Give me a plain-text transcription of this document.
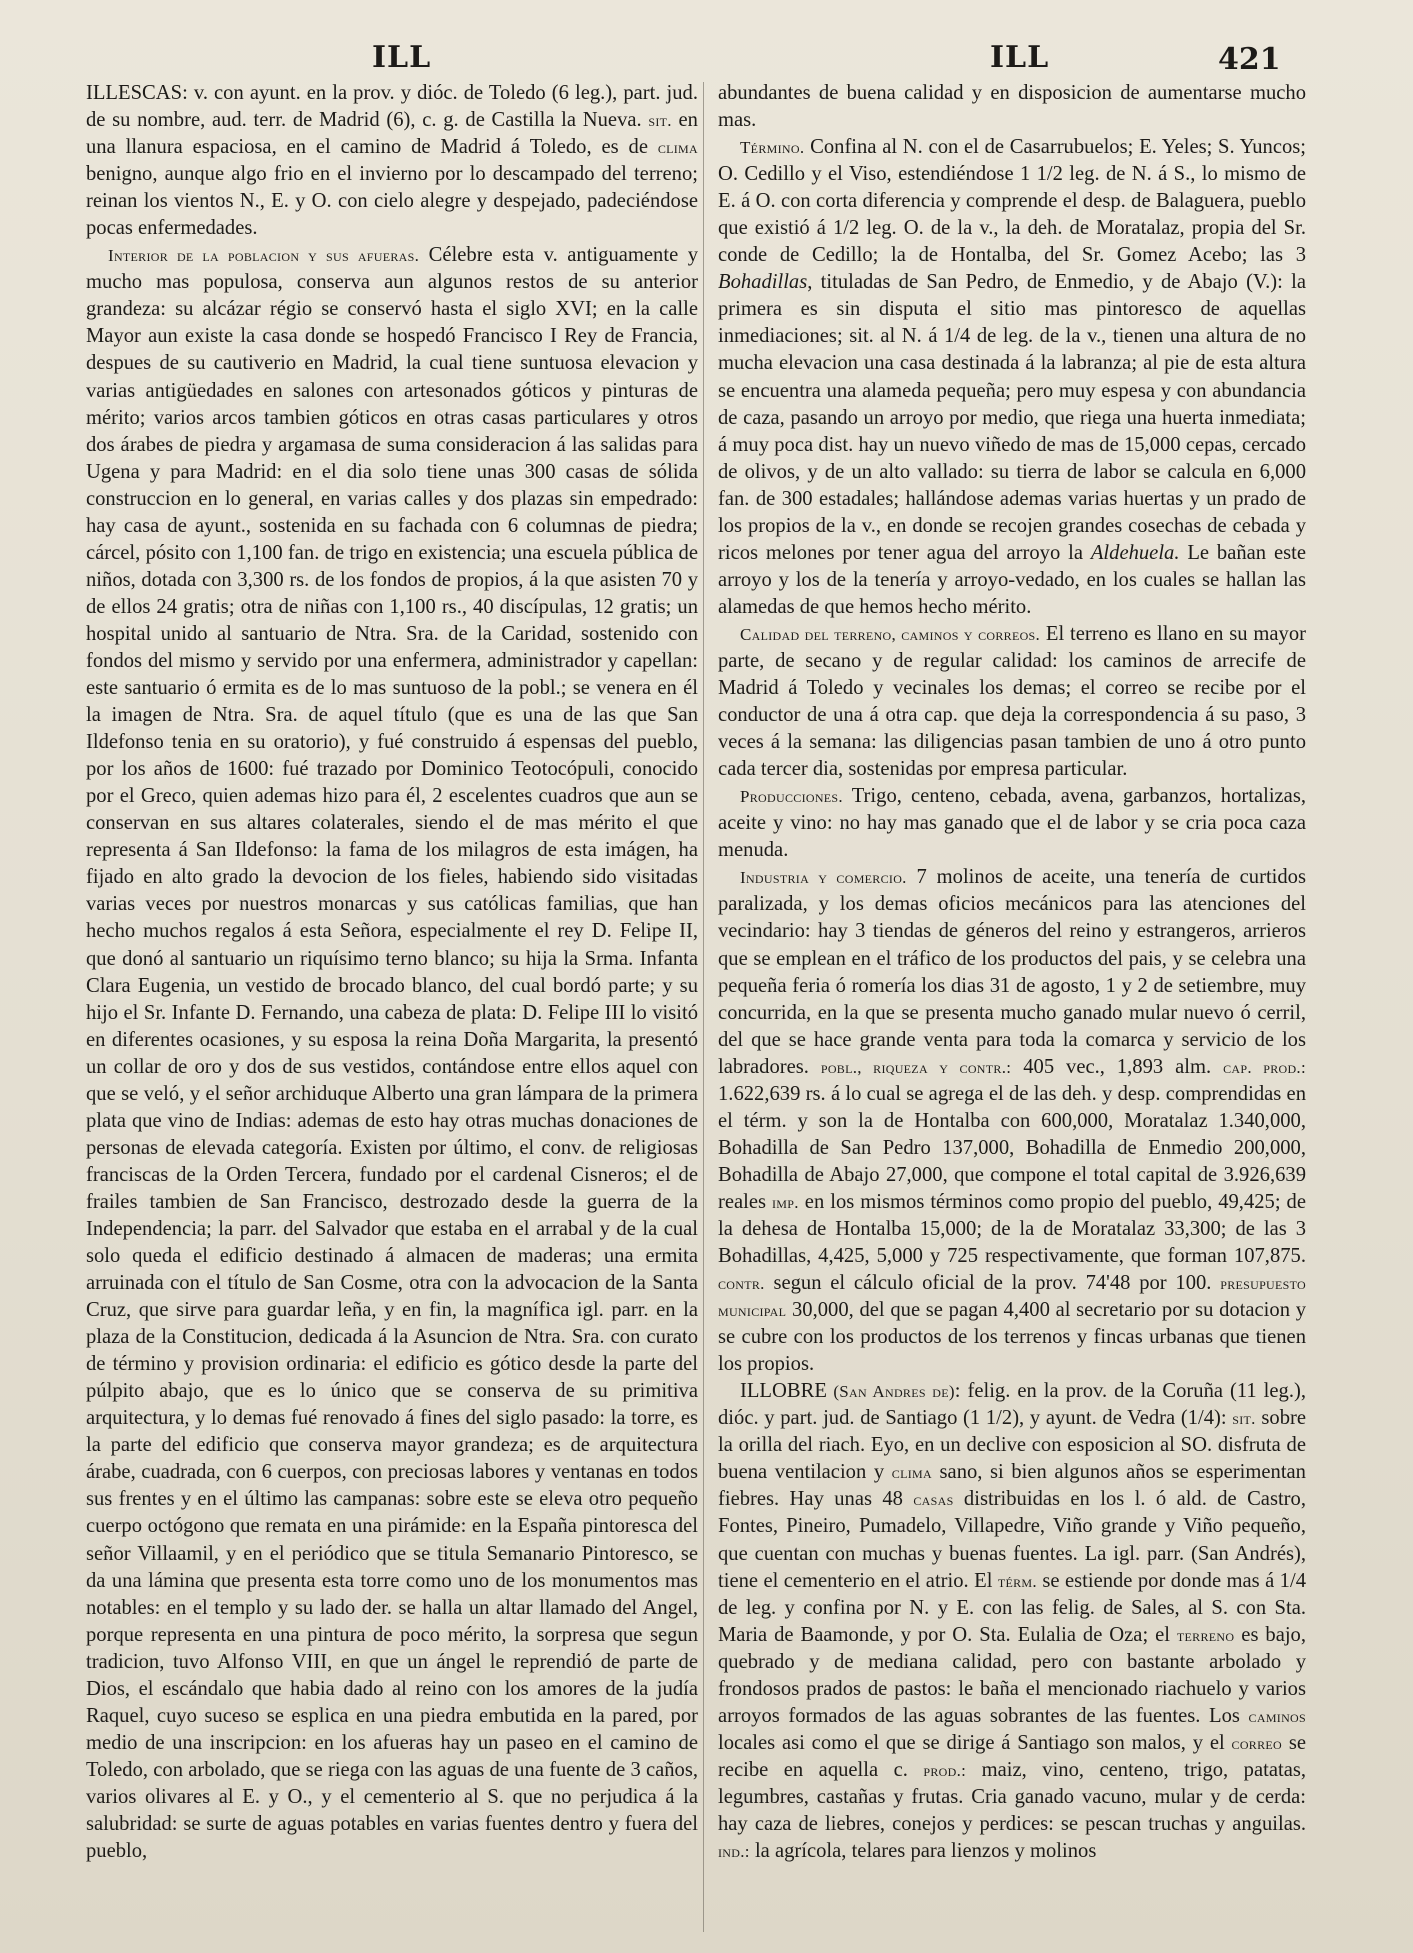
ILL	ILL	421

ILLESCAS: v. con ayunt. en la prov. y dióc. de Toledo (6 leg.), part. jud. de su nombre, aud. terr. de Madrid (6), c. g. de Castilla la Nueva. sit. en una llanura espaciosa, en el camino de Madrid á Toledo, es de clima benigno, aunque algo frio en el invierno por lo descampado del terreno; reinan los vientos N., E. y O. con cielo alegre y despejado, padeciéndose pocas enfermedades.

Interior de la poblacion y sus afueras. Célebre esta v. antiguamente y mucho mas populosa, conserva aun algunos restos de su anterior grandeza: su alcázar régio se conservó hasta el siglo XVI; en la calle Mayor aun existe la casa donde se hospedó Francisco I Rey de Francia, despues de su cautiverio en Madrid, la cual tiene suntuosa elevacion y varias antigüedades en salones con artesonados góticos y pinturas de mérito; varios arcos tambien góticos en otras casas particulares y otros dos árabes de piedra y argamasa de suma consideracion á las salidas para Ugena y para Madrid: en el dia solo tiene unas 300 casas de sólida construccion en lo general, en varias calles y dos plazas sin empedrado: hay casa de ayunt., sostenida en su fachada con 6 columnas de piedra; cárcel, pósito con 1,100 fan. de trigo en existencia; una escuela pública de niños, dotada con 3,300 rs. de los fondos de propios, á la que asisten 70 y de ellos 24 gratis; otra de niñas con 1,100 rs., 40 discípulas, 12 gratis; un hospital unido al santuario de Ntra. Sra. de la Caridad, sostenido con fondos del mismo y servido por una enfermera, administrador y capellan: este santuario ó ermita es de lo mas suntuoso de la pobl.; se venera en él la imagen de Ntra. Sra. de aquel título (que es una de las que San Ildefonso tenia en su oratorio), y fué construido á espensas del pueblo, por los años de 1600: fué trazado por Dominico Teotocópuli, conocido por el Greco, quien ademas hizo para él, 2 escelentes cuadros que aun se conservan en sus altares colaterales, siendo el de mas mérito el que representa á San Ildefonso: la fama de los milagros de esta imágen, ha fijado en alto grado la devocion de los fieles, habiendo sido visitadas varias veces por nuestros monarcas y sus católicas familias, que han hecho muchos regalos á esta Señora, especialmente el rey D. Felipe II, que donó al santuario un riquísimo terno blanco; su hija la Srma. Infanta Clara Eugenia, un vestido de brocado blanco, del cual bordó parte; y su hijo el Sr. Infante D. Fernando, una cabeza de plata: D. Felipe III lo visitó en diferentes ocasiones, y su esposa la reina Doña Margarita, la presentó un collar de oro y dos de sus vestidos, contándose entre ellos aquel con que se veló, y el señor archiduque Alberto una gran lámpara de la primera plata que vino de Indias: ademas de esto hay otras muchas donaciones de personas de elevada categoría. Existen por último, el conv. de religiosas franciscas de la Orden Tercera, fundado por el cardenal Cisneros; el de frailes tambien de San Francisco, destrozado desde la guerra de la Independencia; la parr. del Salvador que estaba en el arrabal y de la cual solo queda el edificio destinado á almacen de maderas; una ermita arruinada con el título de San Cosme, otra con la advocacion de la Santa Cruz, que sirve para guardar leña, y en fin, la magnífica igl. parr. en la plaza de la Constitucion, dedicada á la Asuncion de Ntra. Sra. con curato de término y provision ordinaria: el edificio es gótico desde la parte del púlpito abajo, que es lo único que se conserva de su primitiva arquitectura, y lo demas fué renovado á fines del siglo pasado: la torre, es la parte del edificio que conserva mayor grandeza; es de arquitectura árabe, cuadrada, con 6 cuerpos, con preciosas labores y ventanas en todos sus frentes y en el último las campanas: sobre este se eleva otro pequeño cuerpo octógono que remata en una pirámide: en la España pintoresca del señor Villaamil, y en el periódico que se titula Semanario Pintoresco, se da una lámina que presenta esta torre como uno de los monumentos mas notables: en el templo y su lado der. se halla un altar llamado del Angel, porque representa en una pintura de poco mérito, la sorpresa que segun tradicion, tuvo Alfonso VIII, en que un ángel le reprendió de parte de Dios, el escándalo que habia dado al reino con los amores de la judía Raquel, cuyo suceso se esplica en una piedra embutida en la pared, por medio de una inscripcion: en los afueras hay un paseo en el camino de Toledo, con arbolado, que se riega con las aguas de una fuente de 3 caños, varios olivares al E. y O., y el cementerio al S. que no perjudica á la salubridad: se surte de aguas potables en varias fuentes dentro y fuera del pueblo,

abundantes de buena calidad y en disposicion de aumentarse mucho mas.

Término. Confina al N. con el de Casarrubuelos; E. Yeles; S. Yuncos; O. Cedillo y el Viso, estendiéndose 1 1/2 leg. de N. á S., lo mismo de E. á O. con corta diferencia y comprende el desp. de Balaguera, pueblo que existió á 1/2 leg. O. de la v., la deh. de Moratalaz, propia del Sr. conde de Cedillo; la de Hontalba, del Sr. Gomez Acebo; las 3 Bohadillas, tituladas de San Pedro, de Enmedio, y de Abajo (V.): la primera es sin disputa el sitio mas pintoresco de aquellas inmediaciones; sit. al N. á 1/4 de leg. de la v., tienen una altura de no mucha elevacion una casa destinada á la labranza; al pie de esta altura se encuentra una alameda pequeña; pero muy espesa y con abundancia de caza, pasando un arroyo por medio, que riega una huerta inmediata; á muy poca dist. hay un nuevo viñedo de mas de 15,000 cepas, cercado de olivos, y de un alto vallado: su tierra de labor se calcula en 6,000 fan. de 300 estadales; hallándose ademas varias huertas y un prado de los propios de la v., en donde se recojen grandes cosechas de cebada y ricos melones por tener agua del arroyo la Aldehuela. Le bañan este arroyo y los de la tenería y arroyo-vedado, en los cuales se hallan las alamedas de que hemos hecho mérito.

Calidad del terreno, caminos y correos. El terreno es llano en su mayor parte, de secano y de regular calidad: los caminos de arrecife de Madrid á Toledo y vecinales los demas; el correo se recibe por el conductor de una á otra cap. que deja la correspondencia á su paso, 3 veces á la semana: las diligencias pasan tambien de uno á otro punto cada tercer dia, sostenidas por empresa particular.

Producciones. Trigo, centeno, cebada, avena, garbanzos, hortalizas, aceite y vino: no hay mas ganado que el de labor y se cria poca caza menuda.

Industria y comercio. 7 molinos de aceite, una tenería de curtidos paralizada, y los demas oficios mecánicos para las atenciones del vecindario: hay 3 tiendas de géneros del reino y estrangeros, arrieros que se emplean en el tráfico de los productos del pais, y se celebra una pequeña feria ó romería los dias 31 de agosto, 1 y 2 de setiembre, muy concurrida, en la que se presenta mucho ganado mular nuevo ó cerril, del que se hace grande venta para toda la comarca y servicio de los labradores. pobl., riqueza y contr.: 405 vec., 1,893 alm. cap. prod.: 1.622,639 rs. á lo cual se agrega el de las deh. y desp. comprendidas en el térm. y son la de Hontalba con 600,000, Moratalaz 1.340,000, Bohadilla de San Pedro 137,000, Bohadilla de Enmedio 200,000, Bohadilla de Abajo 27,000, que compone el total capital de 3.926,639 reales imp. en los mismos términos como propio del pueblo, 49,425; de la dehesa de Hontalba 15,000; de la de Moratalaz 33,300; de las 3 Bohadillas, 4,425, 5,000 y 725 respectivamente, que forman 107,875. contr. segun el cálculo oficial de la prov. 74'48 por 100. presupuesto municipal 30,000, del que se pagan 4,400 al secretario por su dotacion y se cubre con los productos de los terrenos y fincas urbanas que tienen los propios.

ILLOBRE (San Andres de): felig. en la prov. de la Coruña (11 leg.), dióc. y part. jud. de Santiago (1 1/2), y ayunt. de Vedra (1/4): sit. sobre la orilla del riach. Eyo, en un declive con esposicion al SO. disfruta de buena ventilacion y clima sano, si bien algunos años se esperimentan fiebres. Hay unas 48 casas distribuidas en los l. ó ald. de Castro, Fontes, Pineiro, Pumadelo, Villapedre, Viño grande y Viño pequeño, que cuentan con muchas y buenas fuentes. La igl. parr. (San Andrés), tiene el cementerio en el atrio. El térm. se estiende por donde mas á 1/4 de leg. y confina por N. y E. con las felig. de Sales, al S. con Sta. Maria de Baamonde, y por O. Sta. Eulalia de Oza; el terreno es bajo, quebrado y de mediana calidad, pero con bastante arbolado y frondosos prados de pastos: le baña el mencionado riachuelo y varios arroyos formados de las aguas sobrantes de las fuentes. Los caminos locales asi como el que se dirige á Santiago son malos, y el correo se recibe en aquella c. prod.: maiz, vino, centeno, trigo, patatas, legumbres, castañas y frutas. Cria ganado vacuno, mular y de cerda: hay caza de liebres, conejos y perdices: se pescan truchas y anguilas. ind.: la agrícola, telares para lienzos y molinos
